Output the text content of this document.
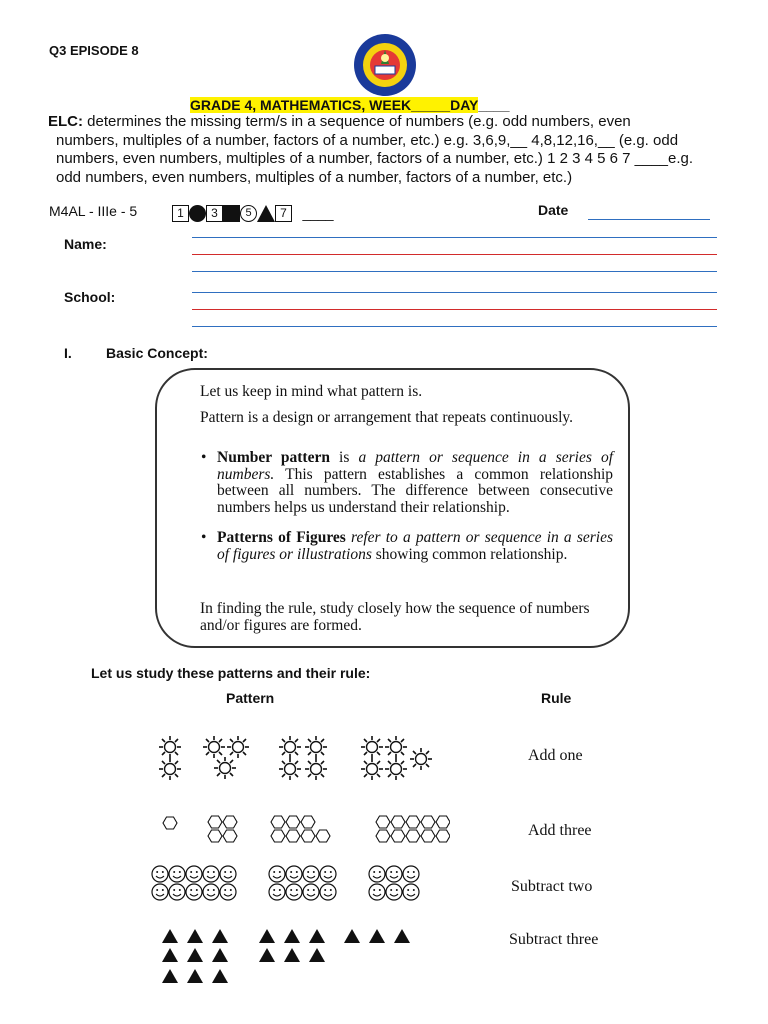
Q3 EPISODE 8
GRADE 4, MATHEMATICS, WEEK_____DAY____

ELC: determines the missing term/s in a sequence of numbers (e.g. odd numbers, even numbers, multiples of a number, factors of a number, etc.) e.g. 3,6,9,__ 4,8,12,16,__ (e.g. odd numbers, even numbers, multiples of a number, factors of a number, etc.) 1 2 3 4 5 6 7 ____e.g. odd numbers, even numbers, multiples of a number, factors of a number, etc.)

M4AL - IIIe - 5	1 3	5 7 ____	Date
Name:
School:
I. Basic Concept:

Let us keep in mind what pattern is.

Pattern is a design or arrangement that repeats continuously.

• Number pattern is a pattern or sequence in a series of numbers. This pattern establishes a common relationship between all numbers. The difference between consecutive numbers helps us understand their relationship.

• Patterns of Figures refer to a pattern or sequence in a series of figures or illustrations showing common relationship.

In finding the rule, study closely how the sequence of numbers and/or figures are formed.

Let us study these patterns and their rule:
Pattern	Rule
Add one
Add three
Subtract two
Subtract three
